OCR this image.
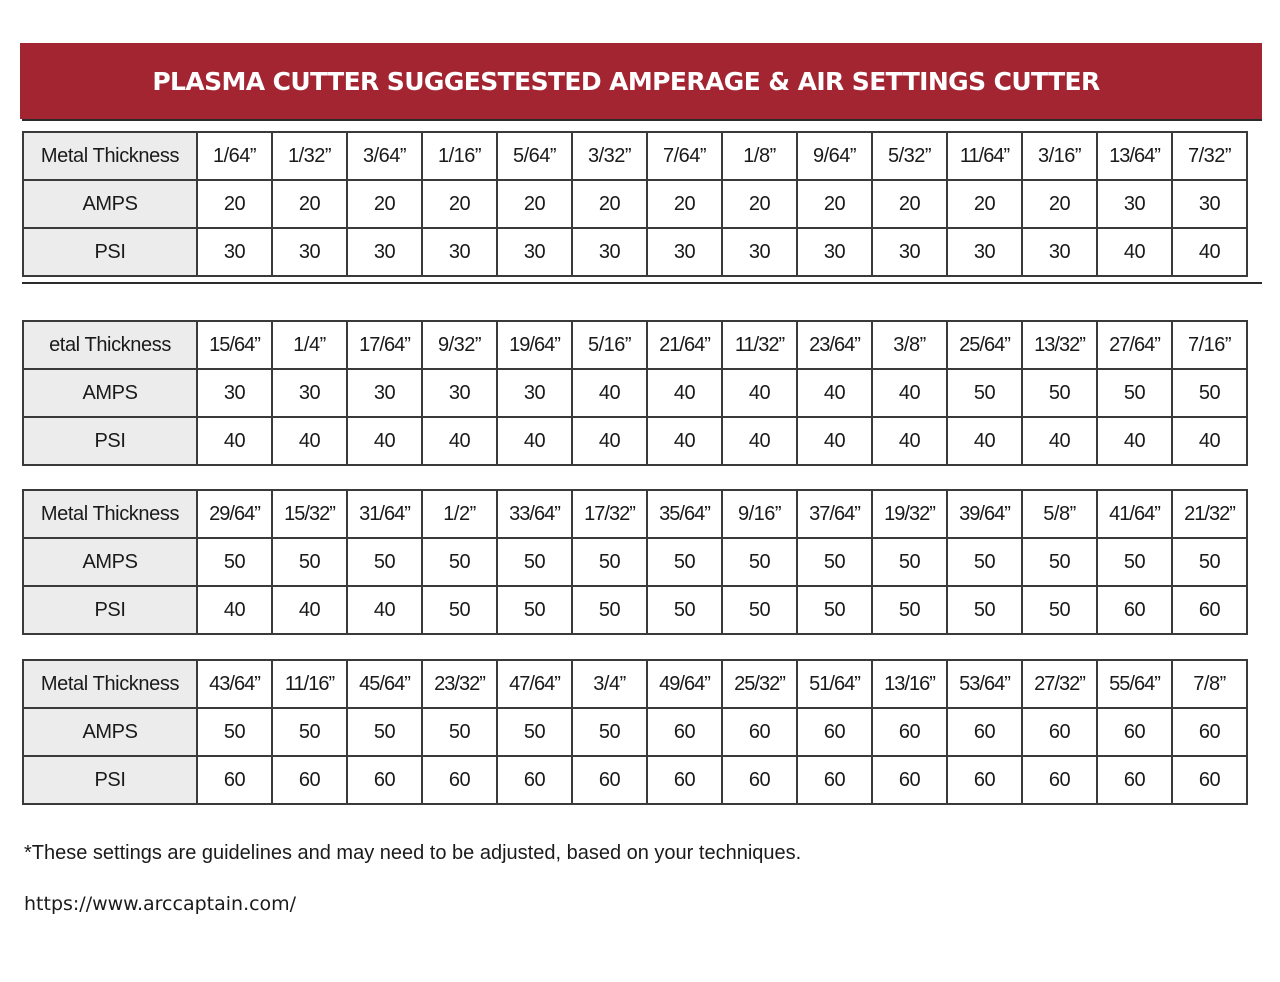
PLASMA CUTTER SUGGESTESTED AMPERAGE & AIR SETTINGS CUTTER
Metal Thickness	1/64”	1/32”	3/64”	1/16”	5/64”	3/32”	7/64”	1/8”	9/64”	5/32”	11/64”	3/16”	13/64”	7/32”
AMPS	20	20	20	20	20	20	20	20	20	20	20	20	30	30
PSI	30	30	30	30	30	30	30	30	30	30	30	30	40	40
etal Thickness	15/64”	1/4”	17/64”	9/32”	19/64”	5/16”	21/64”	11/32”	23/64”	3/8”	25/64”	13/32”	27/64”	7/16”
AMPS	30	30	30	30	30	40	40	40	40	40	50	50	50	50
PSI	40	40	40	40	40	40	40	40	40	40	40	40	40	40
Metal Thickness	29/64”	15/32”	31/64”	1/2”	33/64”	17/32”	35/64”	9/16”	37/64”	19/32”	39/64”	5/8”	41/64”	21/32”
AMPS	50	50	50	50	50	50	50	50	50	50	50	50	50	50
PSI	40	40	40	50	50	50	50	50	50	50	50	50	60	60
Metal Thickness	43/64”	11/16”	45/64”	23/32”	47/64”	3/4”	49/64”	25/32”	51/64”	13/16”	53/64”	27/32”	55/64”	7/8”
AMPS	50	50	50	50	50	50	60	60	60	60	60	60	60	60
PSI	60	60	60	60	60	60	60	60	60	60	60	60	60	60
*These settings are guidelines and may need to be adjusted, based on your techniques.
https://www.arccaptain.com/
